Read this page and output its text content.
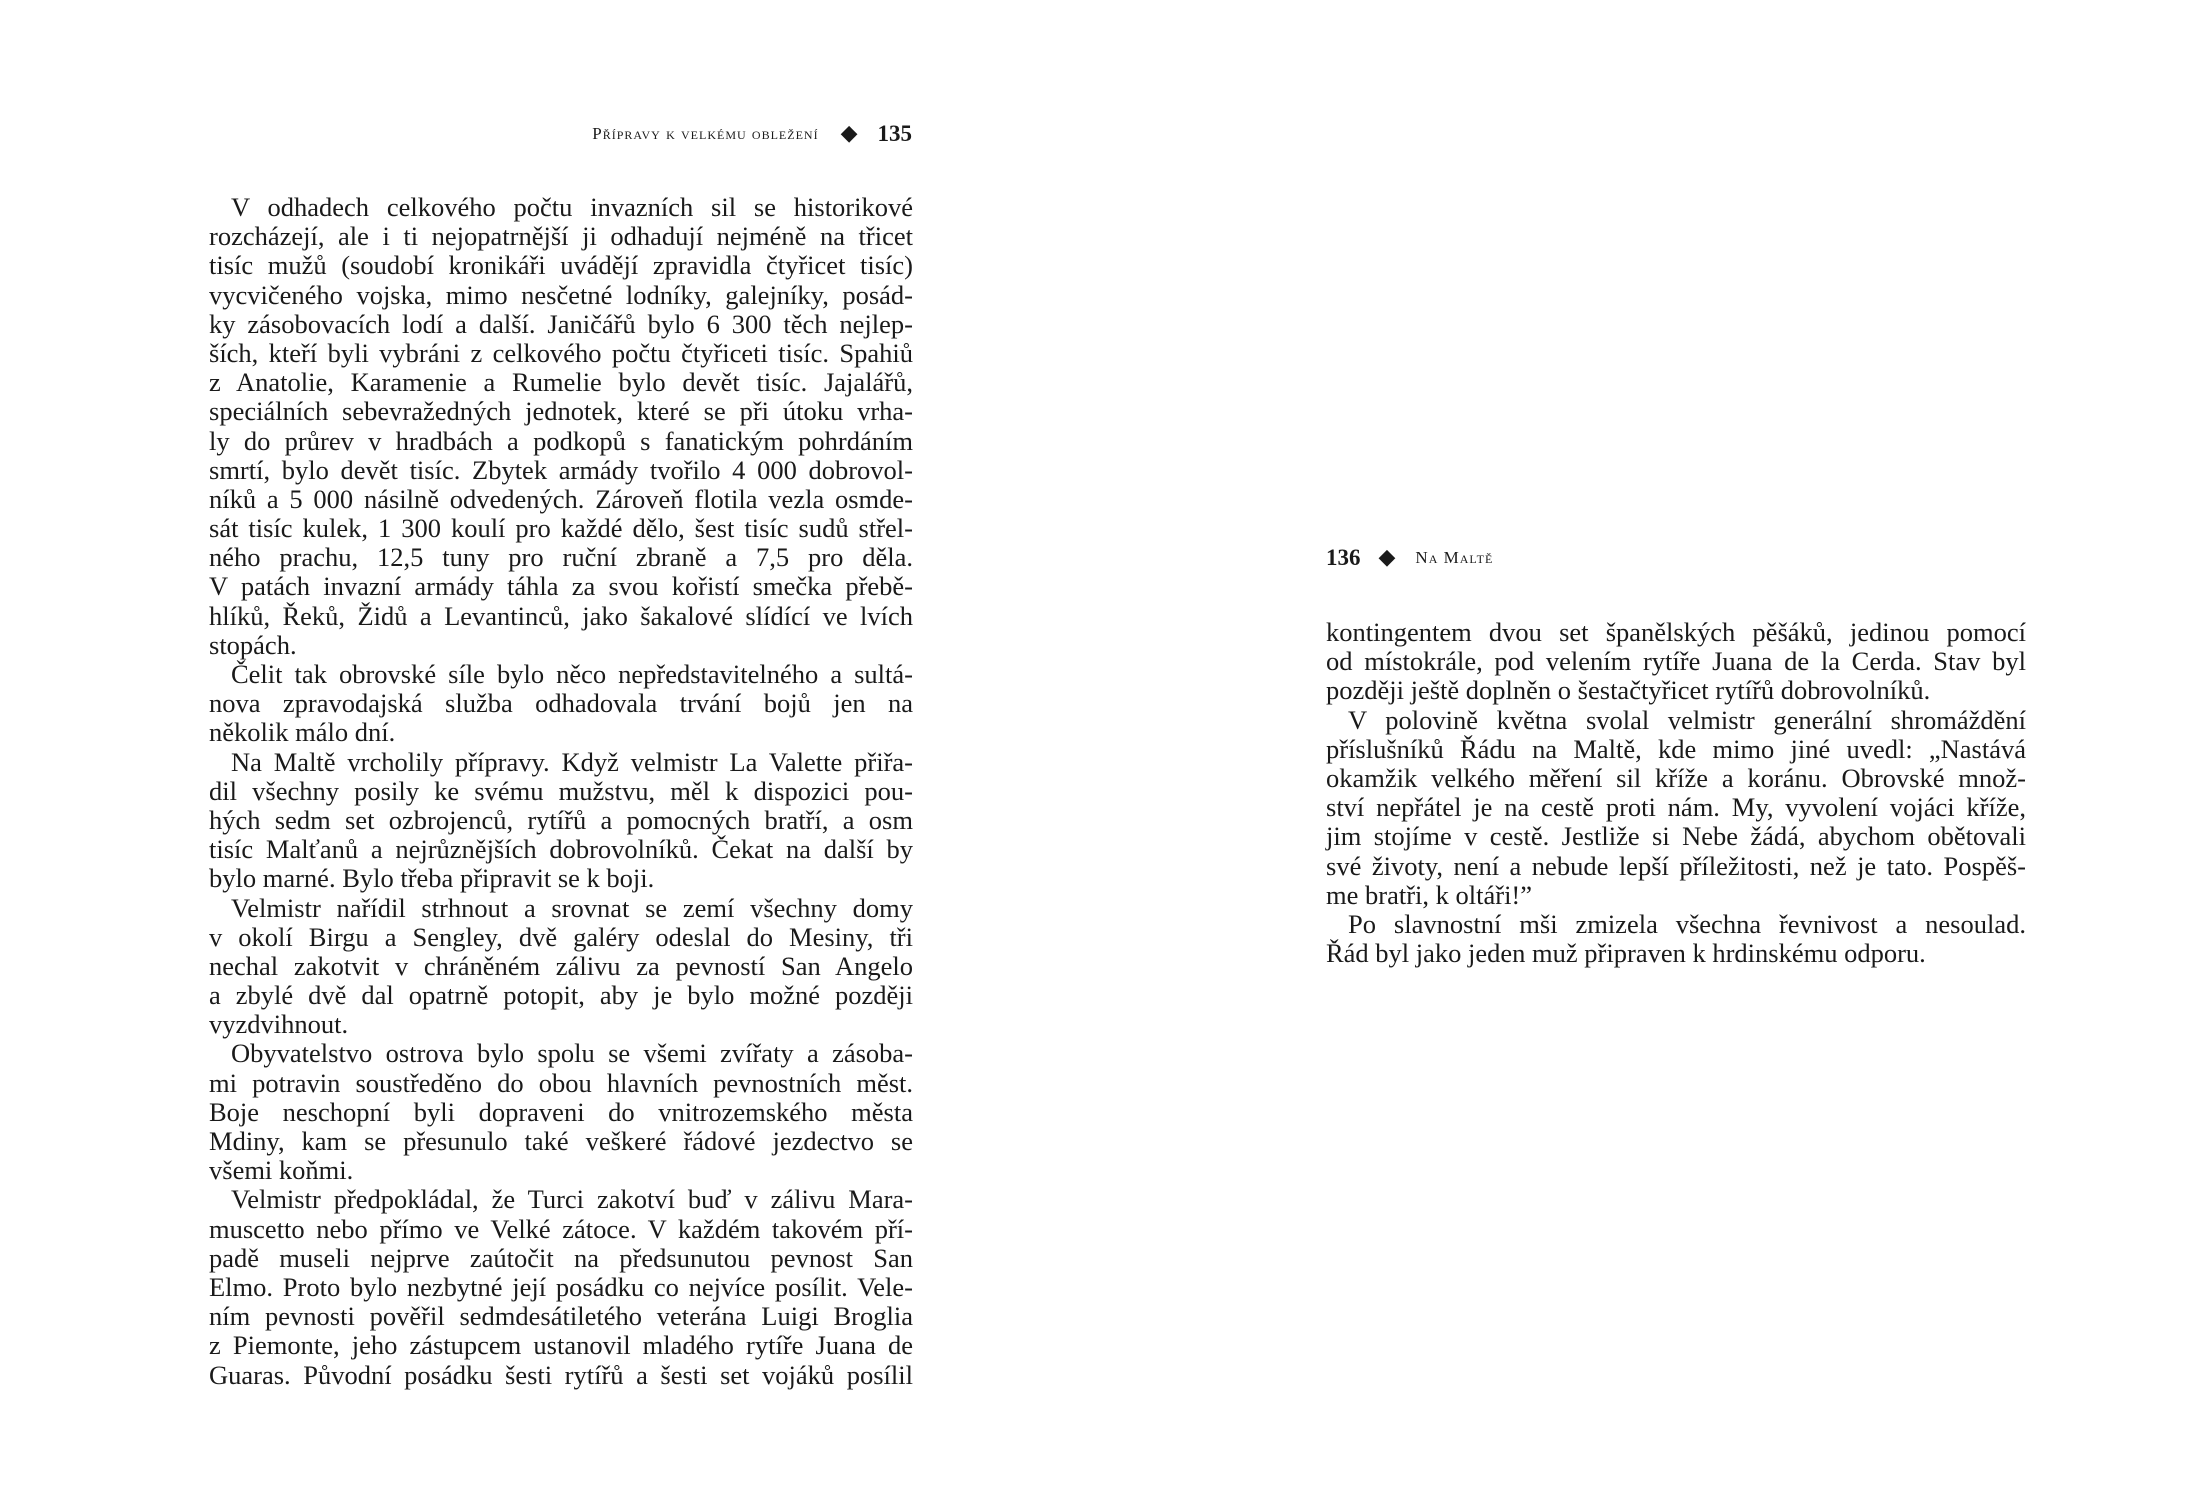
Přípravy k velkému obležení ◆ 135
V odhadech celkového počtu invazních sil se historikové
rozcházejí, ale i ti nejopatrnější ji odhadují nejméně na třicet
tisíc mužů (soudobí kronikáři uvádějí zpravidla čtyřicet tisíc)
vycvičeného vojska, mimo nesčetné lodníky, galejníky, posád-
ky zásobovacích lodí a další. Janičářů bylo 6 300 těch nejlep-
ších, kteří byli vybráni z celkového počtu čtyřiceti tisíc. Spahiů
z Anatolie, Karamenie a Rumelie bylo devět tisíc. Jajalářů,
speciálních sebevražedných jednotek, které se při útoku vrha-
ly do průrev v hradbách a podkopů s fanatickým pohrdáním
smrtí, bylo devět tisíc. Zbytek armády tvořilo 4 000 dobrovol-
níků a 5 000 násilně odvedených. Zároveň flotila vezla osmde-
sát tisíc kulek, 1 300 koulí pro každé dělo, šest tisíc sudů střel-
ného prachu, 12,5 tuny pro ruční zbraně a 7,5 pro děla.
V patách invazní armády táhla za svou kořistí smečka přebě-
hlíků, Řeků, Židů a Levantinců, jako šakalové slídící ve lvích
stopách.
Čelit tak obrovské síle bylo něco nepředstavitelného a sultá-
nova zpravodajská služba odhadovala trvání bojů jen na
několik málo dní.
Na Maltě vrcholily přípravy. Když velmistr La Valette přiřa-
dil všechny posily ke svému mužstvu, měl k dispozici pou-
hých sedm set ozbrojenců, rytířů a pomocných bratří, a osm
tisíc Malťanů a nejrůznějších dobrovolníků. Čekat na další by
bylo marné. Bylo třeba připravit se k boji.
Velmistr nařídil strhnout a srovnat se zemí všechny domy
v okolí Birgu a Sengley, dvě galéry odeslal do Mesiny, tři
nechal zakotvit v chráněném zálivu za pevností San Angelo
a zbylé dvě dal opatrně potopit, aby je bylo možné později
vyzdvihnout.
Obyvatelstvo ostrova bylo spolu se všemi zvířaty a zásoba-
mi potravin soustředěno do obou hlavních pevnostních měst.
Boje neschopní byli dopraveni do vnitrozemského města
Mdiny, kam se přesunulo také veškeré řádové jezdectvo se
všemi koňmi.
Velmistr předpokládal, že Turci zakotví buď v zálivu Mara-
muscetto nebo přímo ve Velké zátoce. V každém takovém pří-
padě museli nejprve zaútočit na předsunutou pevnost San
Elmo. Proto bylo nezbytné její posádku co nejvíce posílit. Vele-
ním pevnosti pověřil sedmdesátiletého veterána Luigi Broglia
z Piemonte, jeho zástupcem ustanovil mladého rytíře Juana de
Guaras. Původní posádku šesti rytířů a šesti set vojáků posílil
136 ◆ Na Maltě
kontingentem dvou set španělských pěšáků, jedinou pomocí
od místokrále, pod velením rytíře Juana de la Cerda. Stav byl
později ještě doplněn o šestačtyřicet rytířů dobrovolníků.
V polovině května svolal velmistr generální shromáždění
příslušníků Řádu na Maltě, kde mimo jiné uvedl: „Nastává
okamžik velkého měření sil kříže a koránu. Obrovské množ-
ství nepřátel je na cestě proti nám. My, vyvolení vojáci kříže,
jim stojíme v cestě. Jestliže si Nebe žádá, abychom obětovali
své životy, není a nebude lepší příležitosti, než je tato. Pospěš-
me bratři, k oltáři!”
Po slavnostní mši zmizela všechna řevnivost a nesoulad.
Řád byl jako jeden muž připraven k hrdinskému odporu.
